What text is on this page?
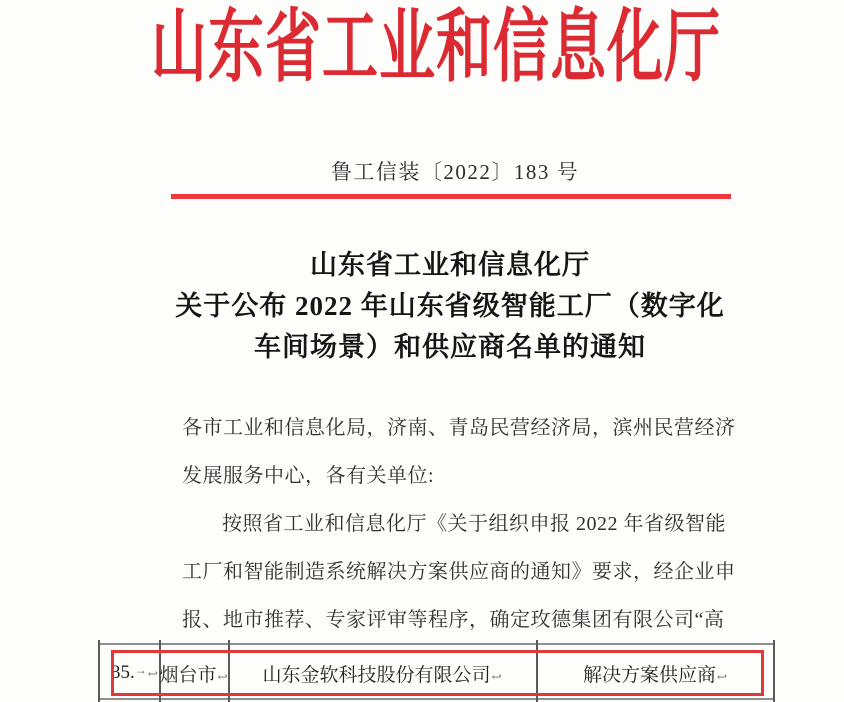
山东省工业和信息化厅
鲁工信装〔2022〕183 号
山东省工业和信息化厅
关于公布 2022 年山东省级智能工厂（数字化
车间场景）和供应商名单的通知
各市工业和信息化局，济南、青岛民营经济局，滨州民营经济
发展服务中心，各有关单位:
按照省工业和信息化厅《关于组织申报 2022 年省级智能
工厂和智能制造系统解决方案供应商的通知》要求，经企业申
报、地市推荐、专家评审等程序，确定玫德集团有限公司“高
35.→↩ 烟台市↩	山东金软科技股份有限公司↩	解决方案供应商↩
